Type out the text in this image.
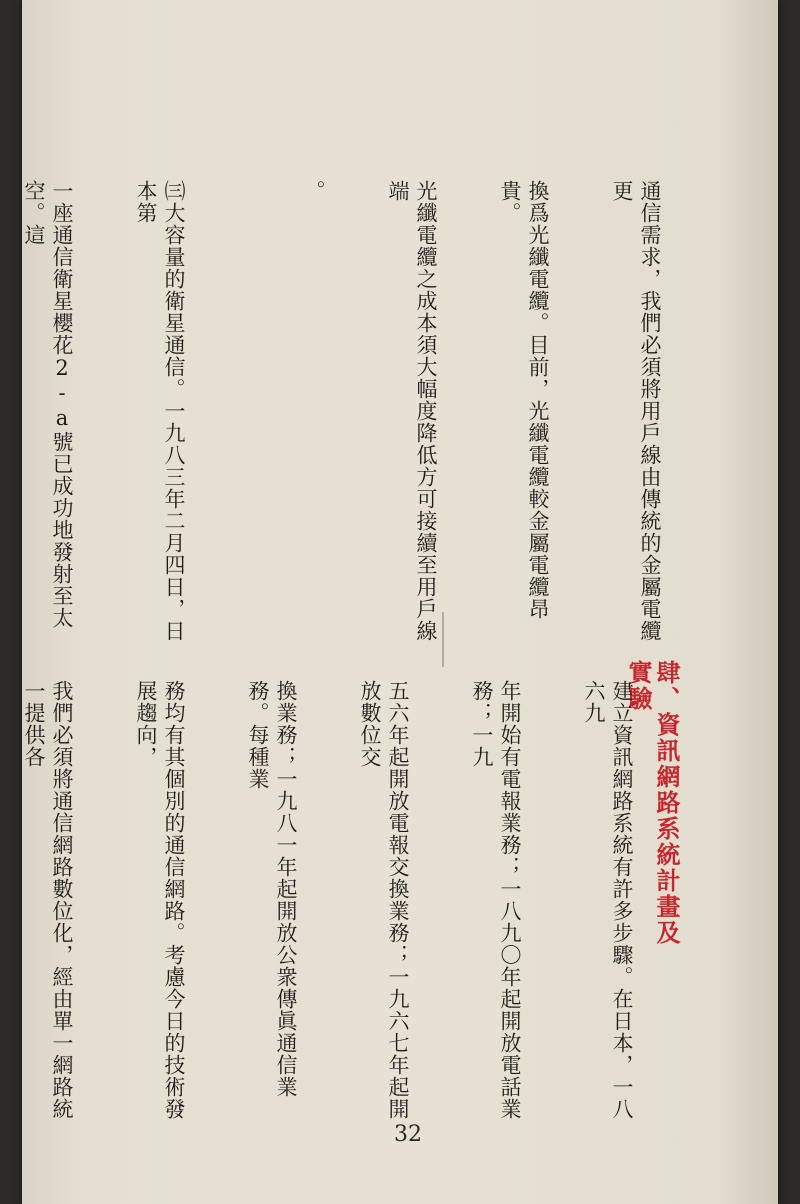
通信需求，我們必須將用戶線由傳統的金屬電纜更

換爲光纖電纜。目前，光纖電纜較金屬電纜昂貴。

光纖電纜之成本須大幅度降低方可接續至用戶線端

。

㈢大容量的衛星通信。一九八三年二月四日，日本第

一座通信衛星櫻花2-a號已成功地發射至太空。這

肆、資訊網路系統計畫及實驗

建立資訊網路系統有許多步驟。在日本，一八六九

年開始有電報業務；一八九〇年起開放電話業務；一九

五六年起開放電報交換業務；一九六七年起開放數位交

換業務；一九八一年起開放公衆傳眞通信業務。每種業

務均有其個別的通信網路。考慮今日的技術發展趨向，

我們必須將通信網路數位化，經由單一網路統一提供各

32
